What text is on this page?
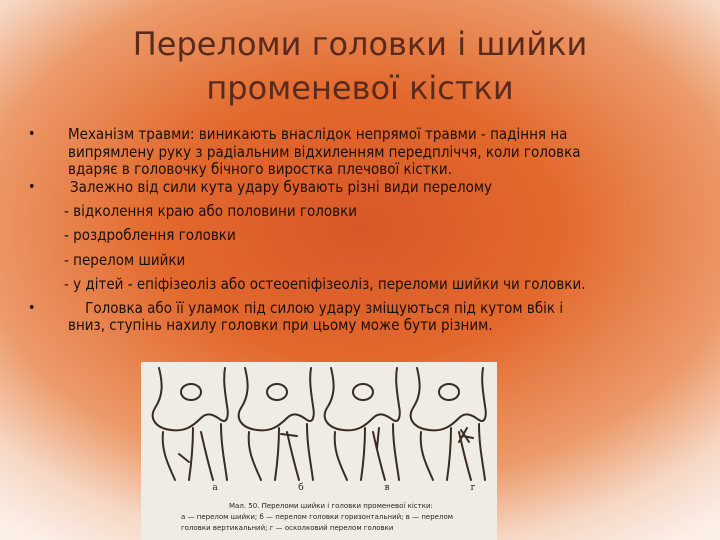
Переломи головки і шийки
променевої кістки
•	Механізм травми: виникають внаслідок непрямої травми - падіння на
випрямлену руку з радіальним відхиленням передпліччя, коли головка
вдаряє в головочку бічного виростка плечової кістки.
•	Залежно від сили кута удару бувають різні види перелому
- відколення краю або половини головки
- роздроблення головки
- перелом шийки
- у дітей - епіфізеоліз або остеоепіфізеоліз, переломи шийки чи головки.
•	Головка або її уламок під силою удару зміщуються під кутом вбік і
вниз, ступінь нахилу головки при цьому може бути різним.
а	б	в	г
Мал. 50. Переломи шийки і головки променевої кістки:
а — перелом шийки; б — перелом головки горизонтальний; в — перелом
головки вертикальний; г — осколковий перелом головки
